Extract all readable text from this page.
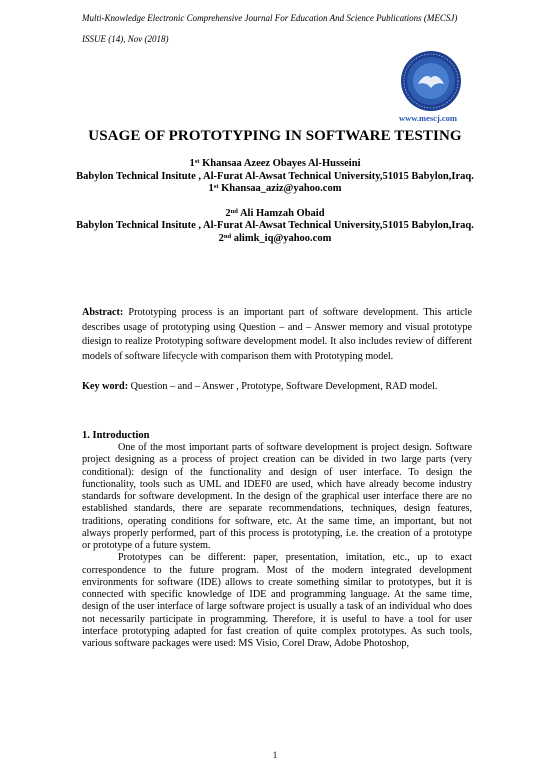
Multi-Knowledge Electronic Comprehensive Journal For Education And Science Publications (MECSJ)
ISSUE (14), Nov (2018)
www.mescj.com
USAGE OF PROTOTYPING IN SOFTWARE TESTING
1st Khansaa Azeez Obayes Al-Husseini
Babylon Technical Insitute , Al-Furat Al-Awsat Technical University,51015 Babylon,Iraq.
1st Khansaa_aziz@yahoo.com
2nd Ali Hamzah Obaid
Babylon Technical Insitute , Al-Furat Al-Awsat Technical University,51015 Babylon,Iraq.
2nd alimk_iq@yahoo.com
Abstract: Prototyping process is an important part of software development. This article describes usage of prototyping using Question – and – Answer memory and visual prototype diesign to realize Prototyping software development model. It also includes review of different models of software lifecycle with comparison them with Prototyping model.
Key word: Question – and – Answer , Prototype, Software Development, RAD model.
1. Introduction

One of the most important parts of software development is project design. Software project designing as a process of project creation can be divided in two large parts (very conditional): design of the functionality and design of user interface. To design the functionality, tools such as UML and IDEF0 are used, which have already become industry standards for software development. In the design of the graphical user interface there are no established standards, there are separate recommendations, techniques, design features, traditions, operating conditions for software, etc. At the same time, an important, but not always properly performed, part of this process is prototyping, i.e. the creation of a prototype or prototype of a future system.

Prototypes can be different: paper, presentation, imitation, etc., up to exact correspondence to the future program. Most of the modern integrated development environments for software (IDE) allows to create something similar to prototypes, but it is connected with specific knowledge of IDE and programming language. At the same time, design of the user interface of large software project is usually a task of an individual who does not necessarily participate in programming. Therefore, it is useful to have a tool for user interface prototyping adapted for fast creation of quite complex prototypes. As such tools, various software packages were used: MS Visio, Corel Draw, Adobe Photoshop,

1
